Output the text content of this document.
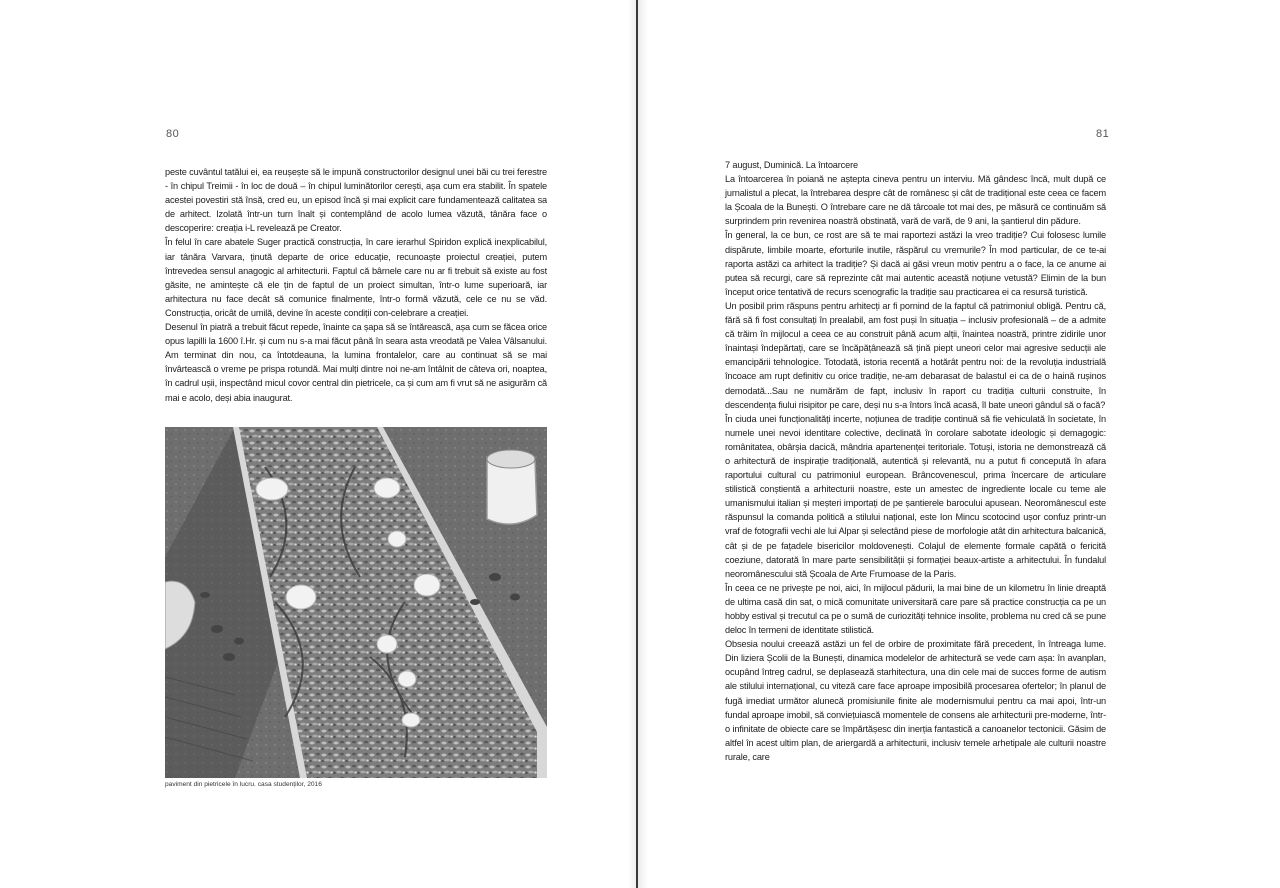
80	81

peste cuvântul tatălui ei, ea reușește să le impună constructorilor designul unei băi cu trei ferestre - în chipul Treimii - în loc de două – în chipul luminătorilor cerești, așa cum era stabilit. În spatele acestei povestiri stă însă, cred eu, un episod încă și mai explicit care fundamentează calitatea sa de arhitect. Izolată într-un turn înalt și contemplând de acolo lumea văzută, tânăra face o descoperire: creația i-L revelează pe Creator.

În felul în care abatele Suger practică construcția, în care ierarhul Spiridon explică inexplicabilul, iar tânăra Varvara, ținută departe de orice educație, recunoaște proiectul creației, putem întrevedea sensul anagogic al arhitecturii. Faptul că bârnele care nu ar fi trebuit să existe au fost găsite, ne amintește că ele țin de faptul de un proiect simultan, într-o lume superioară, iar arhitectura nu face decât să comunice finalmente, într-o formă văzută, cele ce nu se văd. Construcția, oricât de umilă, devine în aceste condiții con-celebrare a creației.

Desenul în piatră a trebuit făcut repede, înainte ca șapa să se întărească, așa cum se făcea orice opus lapilli la 1600 î.Hr. și cum nu s-a mai făcut până în seara asta vreodată pe Valea Vâlsanului. Am terminat din nou, ca întotdeauna, la lumina frontalelor, care au continuat să se mai învârtească o vreme pe prispa rotundă. Mai mulți dintre noi ne-am întâlnit de câteva ori, noaptea, în cadrul ușii, inspectând micul covor central din pietricele, ca și cum am fi vrut să ne asigurăm că mai e acolo, deși abia inaugurat.

paviment din pietricele în lucru. casa studenților, 2016

7 august, Duminică. La întoarcere

La întoarcerea în poiană ne aștepta cineva pentru un interviu. Mă gândesc încă, mult după ce jurnalistul a plecat, la întrebarea despre cât de românesc și cât de tradițional este ceea ce facem la Școala de la Bunești. O întrebare care ne dă târcoale tot mai des, pe măsură ce continuăm să surprindem prin revenirea noastră obstinată, vară de vară, de 9 ani, la șantierul din pădure.

În general, la ce bun, ce rost are să te mai raportezi astăzi la vreo tradiție? Cui folosesc lumile dispărute, limbile moarte, eforturile inutile, răspărul cu vremurile? În mod particular, de ce te-ai raporta astăzi ca arhitect la tradiție? Și dacă ai găsi vreun motiv pentru a o face, la ce anume ai putea să recurgi, care să reprezinte cât mai autentic această noțiune vetustă? Elimin de la bun început orice tentativă de recurs scenografic la tradiție sau practicarea ei ca resursă turistică.

Un posibil prim răspuns pentru arhitecți ar fi pornind de la faptul că patrimoniul obligă. Pentru că, fără să fi fost consultați în prealabil, am fost puși în situația – inclusiv profesională – de a admite că trăim în mijlocul a ceea ce au construit până acum alții, înaintea noastră, printre zidirile unor înaintași îndepărtați, care se încăpățânează să țină piept uneori celor mai agresive seducții ale emancipării tehnologice. Totodată, istoria recentă a hotărât pentru noi: de la revoluția industrială încoace am rupt definitiv cu orice tradiție, ne-am debarasat de balastul ei ca de o haină rușinos demodată...Sau ne numărăm de fapt, inclusiv în raport cu tradiția culturii construite, în descendența fiului risipitor pe care, deși nu s-a întors încă acasă, îl bate uneori gândul să o facă?

În ciuda unei funcționalități incerte, noțiunea de tradiție continuă să fie vehiculată în societate, în numele unei nevoi identitare colective, declinată în corolare sabotate ideologic și demagogic: românitatea, obârșia dacică, mândria apartenenței teritoriale. Totuși, istoria ne demonstrează că o arhitectură de inspirație tradițională, autentică și relevantă, nu a putut fi concepută în afara raportului cultural cu patrimoniul european. Brâncovenescul, prima încercare de articulare stilistică conștientă a arhitecturii noastre, este un amestec de ingrediente locale cu teme ale umanismului italian și meșteri importați de pe șantierele barocului apusean. Neoromânescul este răspunsul la comanda politică a stilului național, este Ion Mincu scotocind ușor confuz printr-un vraf de fotografii vechi ale lui Alpar și selectând piese de morfologie atât din arhitectura balcanică, cât și de pe fațadele bisericilor moldovenești. Colajul de elemente formale capătă o fericită coeziune, datorată în mare parte sensibilității și formației beaux-artiste a arhitectului. În fundalul neoromânescului stă Școala de Arte Frumoase de la Paris.

În ceea ce ne privește pe noi, aici, în mijlocul pădurii, la mai bine de un kilometru în linie dreaptă de ultima casă din sat, o mică comunitate universitară care pare să practice construcția ca pe un hobby estival și trecutul ca pe o sumă de curiozități tehnice insolite, problema nu cred că se pune deloc în termeni de identitate stilistică.

Obsesia noului creează astăzi un fel de orbire de proximitate fără precedent, în întreaga lume. Din liziera Școlii de la Bunești, dinamica modelelor de arhitectură se vede cam așa: în avanplan, ocupând întreg cadrul, se deplasează starhitectura, una din cele mai de succes forme de autism ale stilului internațional, cu viteză care face aproape imposibilă procesarea ofertelor; în planul de fugă imediat următor alunecă promisiunile finite ale modernismului pentru ca mai apoi, într-un fundal aproape imobil, să conviețuiască momentele de consens ale arhitecturii pre-moderne, într-o infinitate de obiecte care se împărtășesc din inerția fantastică a canoanelor tectonicii. Găsim de altfel în acest ultim plan, de ariergardă a arhitecturii, inclusiv temele arhetipale ale culturii noastre rurale, care
